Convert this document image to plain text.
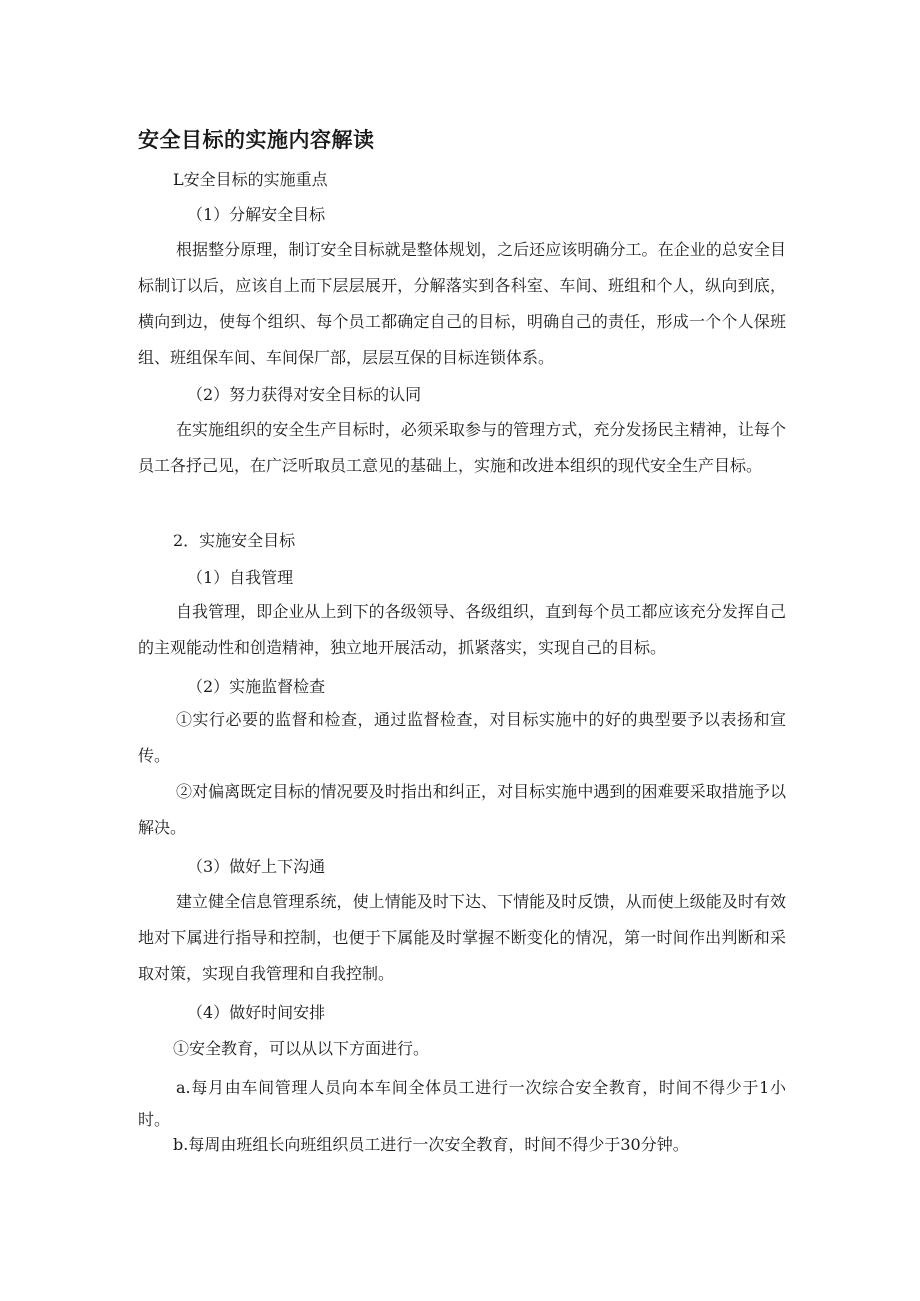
安全目标的实施内容解读
L安全目标的实施重点
（1）分解安全目标
根据整分原理，制订安全目标就是整体规划，之后还应该明确分工。在企业的总安全目标制订以后，应该自上而下层层展开，分解落实到各科室、车间、班组和个人，纵向到底，横向到边，使每个组织、每个员工都确定自己的目标，明确自己的责任，形成一个个人保班组、班组保车间、车间保厂部，层层互保的目标连锁体系。
（2）努力获得对安全目标的认同
在实施组织的安全生产目标时，必须采取参与的管理方式，充分发扬民主精神，让每个员工各抒己见，在广泛听取员工意见的基础上，实施和改进本组织的现代安全生产目标。
2．实施安全目标
（1）自我管理
自我管理，即企业从上到下的各级领导、各级组织，直到每个员工都应该充分发挥自己的主观能动性和创造精神，独立地开展活动，抓紧落实，实现自己的目标。
（2）实施监督检查
①实行必要的监督和检查，通过监督检查，对目标实施中的好的典型要予以表扬和宣传。
②对偏离既定目标的情况要及时指出和纠正，对目标实施中遇到的困难要采取措施予以解决。
（3）做好上下沟通
建立健全信息管理系统，使上情能及时下达、下情能及时反馈，从而使上级能及时有效地对下属进行指导和控制，也便于下属能及时掌握不断变化的情况，第一时间作出判断和采取对策，实现自我管理和自我控制。
（4）做好时间安排
①安全教育，可以从以下方面进行。
a.每月由车间管理人员向本车间全体员工进行一次综合安全教育，时间不得少于1小时。
b.每周由班组长向班组织员工进行一次安全教育，时间不得少于30分钟。
